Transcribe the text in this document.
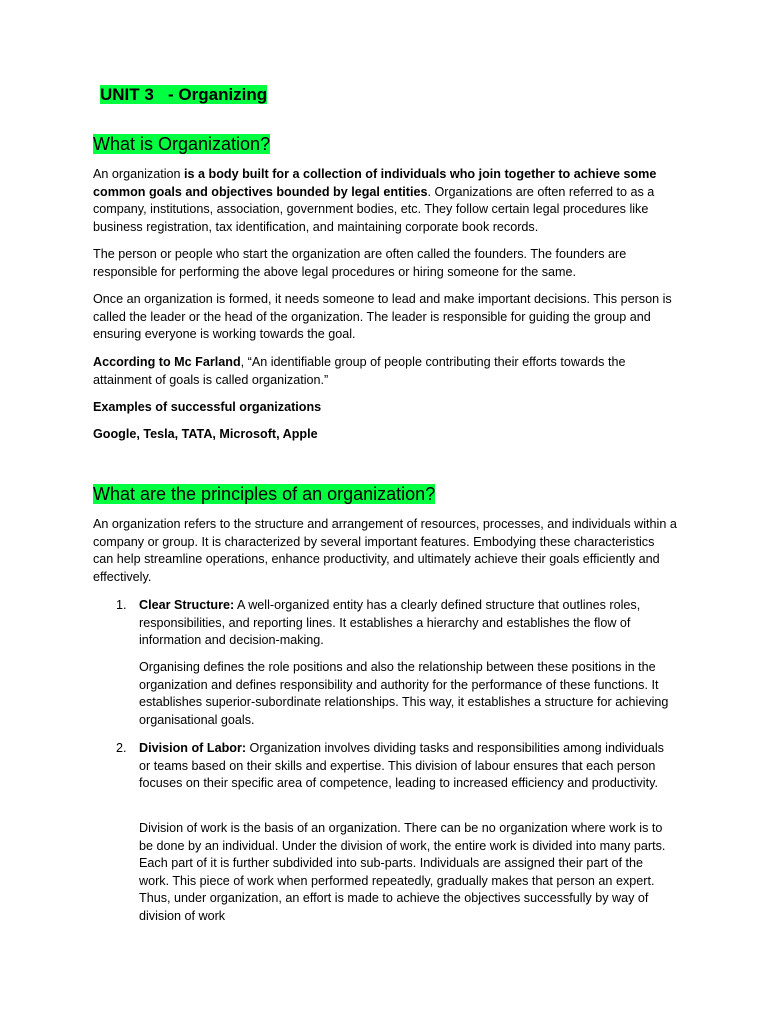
UNIT 3   - Organizing
What is Organization?

An organization is a body built for a collection of individuals who join together to achieve some common goals and objectives bounded by legal entities. Organizations are often referred to as a company, institutions, association, government bodies, etc. They follow certain legal procedures like business registration, tax identification, and maintaining corporate book records.

The person or people who start the organization are often called the founders. The founders are responsible for performing the above legal procedures or hiring someone for the same.

Once an organization is formed, it needs someone to lead and make important decisions. This person is called the leader or the head of the organization. The leader is responsible for guiding the group and ensuring everyone is working towards the goal.

According to Mc Farland, “An identifiable group of people contributing their efforts towards the attainment of goals is called organization.”

Examples of successful organizations

Google, Tesla, TATA, Microsoft, Apple

What are the principles of an organization?

An organization refers to the structure and arrangement of resources, processes, and individuals within a company or group. It is characterized by several important features. Embodying these characteristics can help streamline operations, enhance productivity, and ultimately achieve their goals efficiently and effectively.

1. Clear Structure: A well-organized entity has a clearly defined structure that outlines roles, responsibilities, and reporting lines. It establishes a hierarchy and establishes the flow of information and decision-making.

Organising defines the role positions and also the relationship between these positions in the organization and defines responsibility and authority for the performance of these functions. It establishes superior-subordinate relationships. This way, it establishes a structure for achieving organisational goals.

2. Division of Labor: Organization involves dividing tasks and responsibilities among individuals or teams based on their skills and expertise. This division of labour ensures that each person focuses on their specific area of competence, leading to increased efficiency and productivity.

Division of work is the basis of an organization. There can be no organization where work is to be done by an individual. Under the division of work, the entire work is divided into many parts. Each part of it is further subdivided into sub-parts. Individuals are assigned their part of the work. This piece of work when performed repeatedly, gradually makes that person an expert. Thus, under organization, an effort is made to achieve the objectives successfully by way of division of work
